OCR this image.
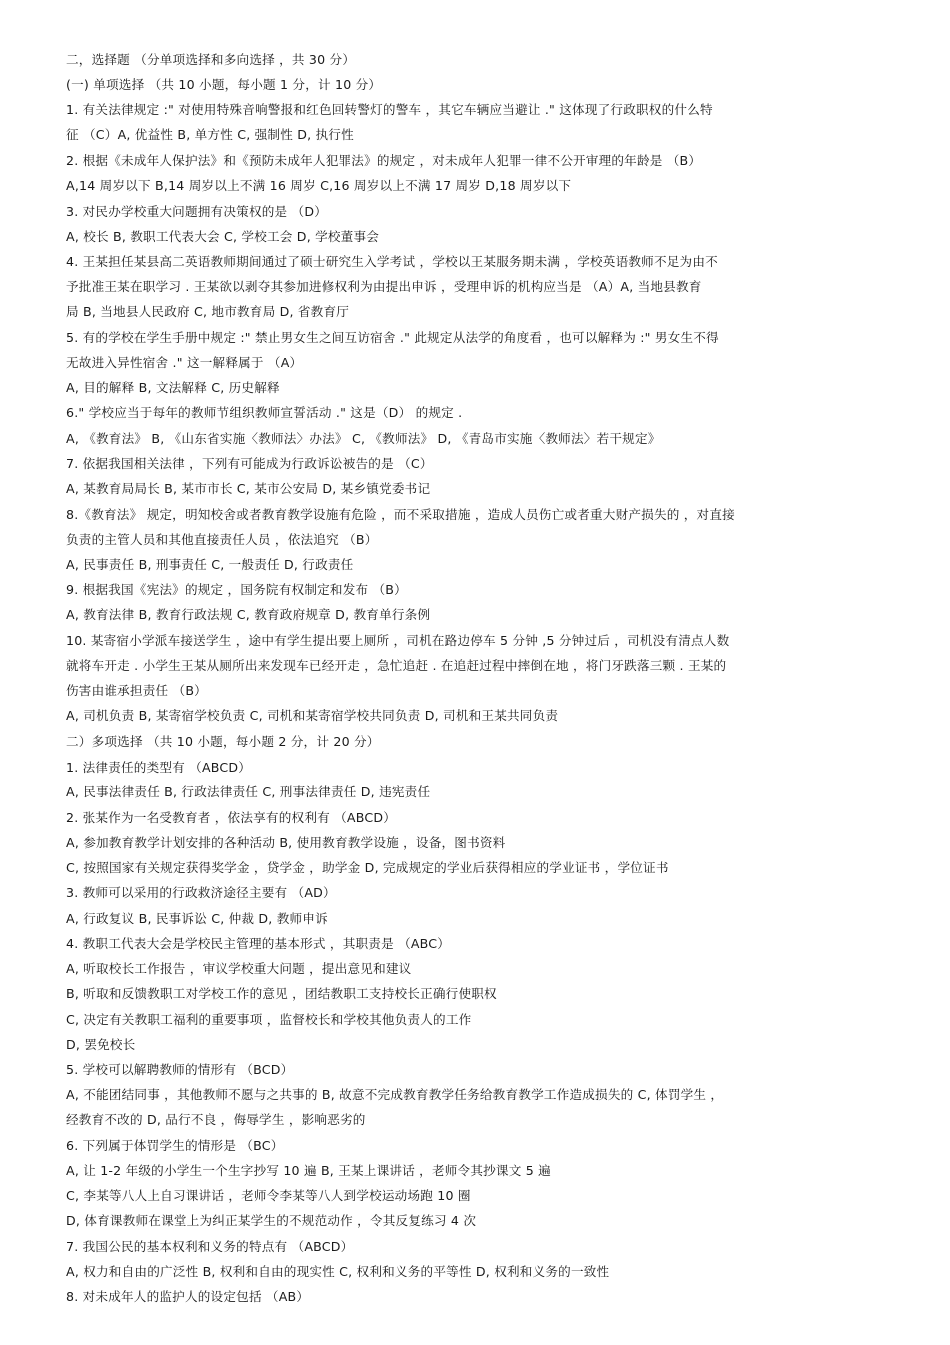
二，选择题 （分单项选择和多向选择 ，共 30 分）
(一) 单项选择 （共 10 小题，每小题 1 分，计 10 分）
1. 有关法律规定 :" 对使用特殊音响警报和红色回转警灯的警车 ，其它车辆应当避让 ." 这体现了行政职权的什么特
征 （C）A, 优益性 B, 单方性 C, 强制性 D, 执行性
2. 根据《未成年人保护法》和《预防未成年人犯罪法》的规定 ，对未成年人犯罪一律不公开审理的年龄是 （B）
A,14 周岁以下 B,14 周岁以上不满 16 周岁 C,16 周岁以上不满 17 周岁 D,18 周岁以下
3. 对民办学校重大问题拥有决策权的是 （D）
A, 校长 B, 教职工代表大会 C, 学校工会 D, 学校董事会
4. 王某担任某县高二英语教师期间通过了硕士研究生入学考试 ，学校以王某服务期未满 ，学校英语教师不足为由不
予批准王某在职学习 . 王某欲以剥夺其参加进修权利为由提出申诉 ，受理申诉的机构应当是 （A）A, 当地县教育
局 B, 当地县人民政府 C, 地市教育局 D, 省教育厅
5. 有的学校在学生手册中规定 :" 禁止男女生之间互访宿舍 ." 此规定从法学的角度看 ，也可以解释为 :" 男女生不得
无故进入异性宿舍 ." 这一解释属于 （A）
A, 目的解释 B, 文法解释 C, 历史解释
6." 学校应当于每年的教师节组织教师宣誓活动 ." 这是（D） 的规定 .
A, 《教育法》 B, 《山东省实施〈教师法〉办法》 C, 《教师法》 D, 《青岛市实施〈教师法〉若干规定》
7. 依据我国相关法律 ，下列有可能成为行政诉讼被告的是 （C）
A, 某教育局局长 B, 某市市长 C, 某市公安局 D, 某乡镇党委书记
8.《教育法》 规定，明知校舍或者教育教学设施有危险 ，而不采取措施 ，造成人员伤亡或者重大财产损失的 ，对直接
负责的主管人员和其他直接责任人员 ，依法追究 （B）
A, 民事责任 B, 刑事责任 C, 一般责任 D, 行政责任
9. 根据我国《宪法》的规定 ，国务院有权制定和发布 （B）
A, 教育法律 B, 教育行政法规 C, 教育政府规章 D, 教育单行条例
10. 某寄宿小学派车接送学生 ，途中有学生提出要上厕所 ，司机在路边停车 5 分钟 ,5 分钟过后 ，司机没有清点人数
就将车开走 . 小学生王某从厕所出来发现车已经开走 ，急忙追赶 . 在追赶过程中摔倒在地 ，将门牙跌落三颗 . 王某的
伤害由谁承担责任 （B）
A, 司机负责 B, 某寄宿学校负责 C, 司机和某寄宿学校共同负责 D, 司机和王某共同负责
二）多项选择 （共 10 小题，每小题 2 分，计 20 分）
1. 法律责任的类型有 （ABCD）
A, 民事法律责任 B, 行政法律责任 C, 刑事法律责任 D, 违宪责任
2. 张某作为一名受教育者 ，依法享有的权利有 （ABCD）
A, 参加教育教学计划安排的各种活动 B, 使用教育教学设施 ，设备，图书资料
C, 按照国家有关规定获得奖学金 ，贷学金 ，助学金 D, 完成规定的学业后获得相应的学业证书 ，学位证书
3. 教师可以采用的行政救济途径主要有 （AD）
A, 行政复议 B, 民事诉讼 C, 仲裁 D, 教师申诉
4. 教职工代表大会是学校民主管理的基本形式 ，其职责是 （ABC）
A, 听取校长工作报告 ，审议学校重大问题 ，提出意见和建议
B, 听取和反馈教职工对学校工作的意见 ，团结教职工支持校长正确行使职权
C, 决定有关教职工福利的重要事项 ，监督校长和学校其他负责人的工作
D, 罢免校长
5. 学校可以解聘教师的情形有 （BCD）
A, 不能团结同事 ，其他教师不愿与之共事的 B, 故意不完成教育教学任务给教育教学工作造成损失的 C, 体罚学生 ，
经教育不改的 D, 品行不良 ，侮辱学生 ，影响恶劣的
6. 下列属于体罚学生的情形是 （BC）
A, 让 1-2 年级的小学生一个生字抄写 10 遍 B, 王某上课讲话 ，老师令其抄课文 5 遍
C, 李某等八人上自习课讲话 ，老师令李某等八人到学校运动场跑 10 圈
D, 体育课教师在课堂上为纠正某学生的不规范动作 ，令其反复练习 4 次
7. 我国公民的基本权利和义务的特点有 （ABCD）
A, 权力和自由的广泛性 B, 权利和自由的现实性 C, 权利和义务的平等性 D, 权利和义务的一致性
8. 对未成年人的监护人的设定包括 （AB）
